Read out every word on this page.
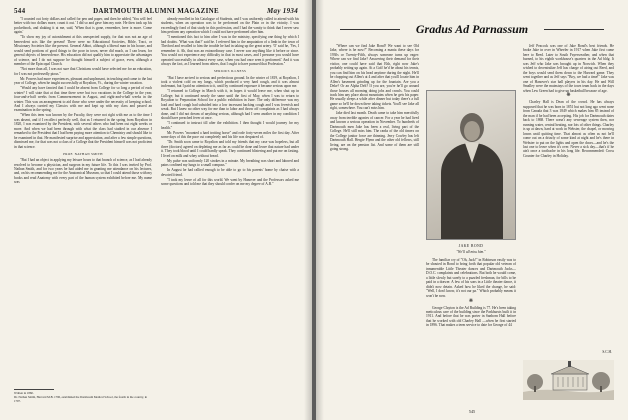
544	DARTMOUTH ALUMNI MAGAZINE	May 1934

"I counted out forty dollars and called for pen and paper, and then he added, 'You will feel better with two dollars more, count it out.' I did so and gave him my note. He then took up his pocketbook, and shaking it at me, said, 'When that is gone, remember, here is more. Come again.'

"To show my joy of astonishment at this unexpected supply, for that was not an age of benevolent acts like the present! There were no Educational Societies, Bible, Tract, or Missionary Societies like the present. General Abbot, although a liberal man in his house, and would send portions of good things to the poor in town, never did much, as I can learn, for general objects of benevolence. His education did not qualify him to appreciate the advantages of science, and I do not suppose he thought himself a subject of grace, even, although a member of the Episcopal Church.

"Not more than all, I was not sure that Christians would have selected me for an education, for I was not professedly pious."

Mr. Powers had more experiences, pleasant and unpleasant, in teaching and came to the last year of College, when he taught successfully at Royalton, Vt., during the winter vacation.

"Would any have fancied that I could be absent from College for so long a period of each winter? I will state that at that time there were but two vacations in the College in the year, four-and-a-half weeks from Commencement in August, and eight-and-a-half weeks in the winter. This was an arrangement to aid those who were under the necessity of keeping school. And I always carried my Classics with me and kept up with my class and passed an examination in the spring.

"When this term was known by the Faculty, they were not right with me as to the time I was absent, and if I recollect perfectly well, that as I returned in the spring from Royalton in 1820, I was examined by the President, with several others who had been out eight weeks or more. And when we had been through with what the class had studied in our absence I remarked to the President that I had been paying more attention to Chemistry and should like to be examined in that. He manifested surprise and appreciation, and after a few simple questions, dismissed me, for that was not a class of a College that the President himself was not proficient in that science.

PROF. NATHAN SMITH

"But I had an object in applying my leisure hours to that branch of science, as I had already resolved to become a physician, and surgeon in my future life. To this I was invited by Prof. Nathan Smith, and for two years he had aided me in granting me attendance on his lectures, and, on his recommending me for the Anatomical Museum, so that I could attend those with my books and read Anatomy with every part of the human system exhibited before me. My name was

Written in 1860.
Dr. Nathan Smith, Harvard M.B. 1790, established the Dartmouth Medical School, the fourth in the country, in 1797.

already enrolled in his Catalogue of Students, and I was uniformly called to attend with his students, when an operation was to be performed on the Plain or in the vicinity. I was exceedingly fond of that study in this profession, and I had the vanity to think that I never saw him perform any operation which I could not have performed after him.

"I mentioned this fact to him after I was in the ministry, specifying one thing by which I had doubts. 'What was that?' said he. I referred him to the amputation of a limb in the town of Thetford and recalled to him the trouble he had in taking up the great artery. 'O' said he, 'Yes, I remember it. Ah, that was an extraordinary case. I never saw anything like it before or since. You would not experience any difficulty in that in most cases, and I presume you would have operated successfully in almost every case, when you had once seen it performed.' And it was always the fact, as I learned from others, that I ought to have pursued that Profession."

SERIOUS ILLNESS

"But I have arrived to serious and perfectious ground. In the winter of 1819, at Royalton, I took a violent cold on my lungs, which produced a very hard cough, and it was almost inclemant, but I paid no attention to it, until by continued exposure it became serious upon me.

"I returned to College in March with it, in hopes it would leave me, when shut up in College; but it continued nearly the same until the first of May, when I was to return to Royalton to Preparation School for a public exhibition in June. The only difference was my load and hard cough had subsided into a low incessant hacking cough and I was feverish and weak. But I knew no other way for me than to labor and throw off complaints as I had always done, and I did not dream of anything serious, although had I seen another in my condition I should have preached fever at once.

"I continued to instruct till after the exhibition. I then thought I would journey for my health."

Mr. Powers "mounted a hard trotting horse" and rode forty-seven miles the first day. After some days of this the pace cut completely and his life was despaired of.

"Dr. Smith soon came to Royalton and told my friends that my case was hopeless, but all three (doctors) agreed on depleting me as far as could be done and leave that nature had under it. They took blood until I could hardly speak. They continued blistering and put me on fasting. I lived on milk and whey without bread.

My pulse was uniformly 120 strokes in a minute. My breathing was short and labored and pains confined my lungs to a small compass."

In August he had rallied enough to be able to go to his parents' home by chaise with a devoted friend.

"I took my leave of all for this world. We went by Hanover and the Professors asked me some questions and told me that they should confer on me my degree of A.B."

Gradus Ad Parnassum

"Where can we find Jake Bond? We want to see Old Jake, where is he now?" Becoming a mania these days for 1930s or Twenty-Fifth, always someone turns up eager: Where can we find Jake? Answering their demand for their visitor, one could have said that Ehh, right now Jake's probably setting up again. At a Golf he'd be about his tennis, you can find him on his head anytime during the night. He'll be chopping out Allen's at 4 and after that you'll locate him in Allen's basement grinding up for the fountain. Are you a Deke? Or an Alpha Delt? If you are, you're he'll go around those houses all morning doing jobs and crawls. You could track him any place about mountains when he gets his paper. He usually sleeps a while after dinner but today there's a full game so he'll be down there taking tickets. You'll see Jake all right, somewhere. You can't miss him.

Jake died last month. Death came to take him mercifully away from terrible agonies of cancer. For a year he had lived and known a serious operation in November. To hundreds of Dartmouth men Jake has been a real, living part of the College. He'll still miss him. The ranks of the old timers on the College janitor force are thinning. Jerry Cowley has left Dartmouth Hall. Hergie Flynn and the other old fellows, still living, are on the pension list. And some of them are still going strong.

The familiar cry of "Oh, Jack!" in Robinson easily was to be shouted in Bond to bring forth that popular old veteran of innumerable Little Theater dances and Dartmouth Jacks—D.O.C. complaints and celebrations. But both he would come, a little slowly but surely to a puzzled freshman, for bills to be paid in a drawer. A few of his sons in a Little theater dance, it didn't now detain. Asked how he liked the change, he said: "Well, I don't know, it's not our pa." Which probably means it won't be now.

❋

George Clayton is the Ad Building is 77. He's been taking meticulous care of the building since the Parkhursts built it in 1911. And before that he was porter in Sanborn Hall before that he worked with old Charley Hall —when he first started in 1896. That makes a term service to date for George of 44

JAKE BOND
"We'll all miss him."

Jeff Peacock was one of Jake Bond's best friends. He broke Jake in over in Wheeler in 1917 when Jake first came here to Reed. Later to South Fayerweather, and when that burned, to his eighth workhouse's quarters in the Ad bldg. It was Jeff who Jake was brought up in Norwich. When they wished to decentralize Jeff has charge of airing out Reed, and the boys would send them down to the Harvard game. They went together and as Jeff says "Boy, we had a time!" Jake was one of Hanover's star ball players in his day. He and Will Smalley were the mainstays of the town team back in the days when Lew Green had to give up basketball because of age.

❋

Charley Hall is Dean of the crowd. He has always supposed that he was born in 1851 but not long ago went none from Canada that 3 was 1849 which makes him 85 instead of the man if he had been accepting. His job for Dartmouth dates back to 1868. There wasn't any sewerage system then, nor running water, central heating, nor lots of other things. Charley is up at dawn, hard at work in Webster, the chapel, or mowing lawns until quitting time. That almost as often as not he'll come out on a drizzly of some kind at night and he's there in Webster to put on the lights and open the doors—and he's the last one to leave when it's over. Never a sick day—that's if he ain't once a toothache in his long life. Recommended: Cross Counter for Charley in Holiday.

S.C.H.
545
